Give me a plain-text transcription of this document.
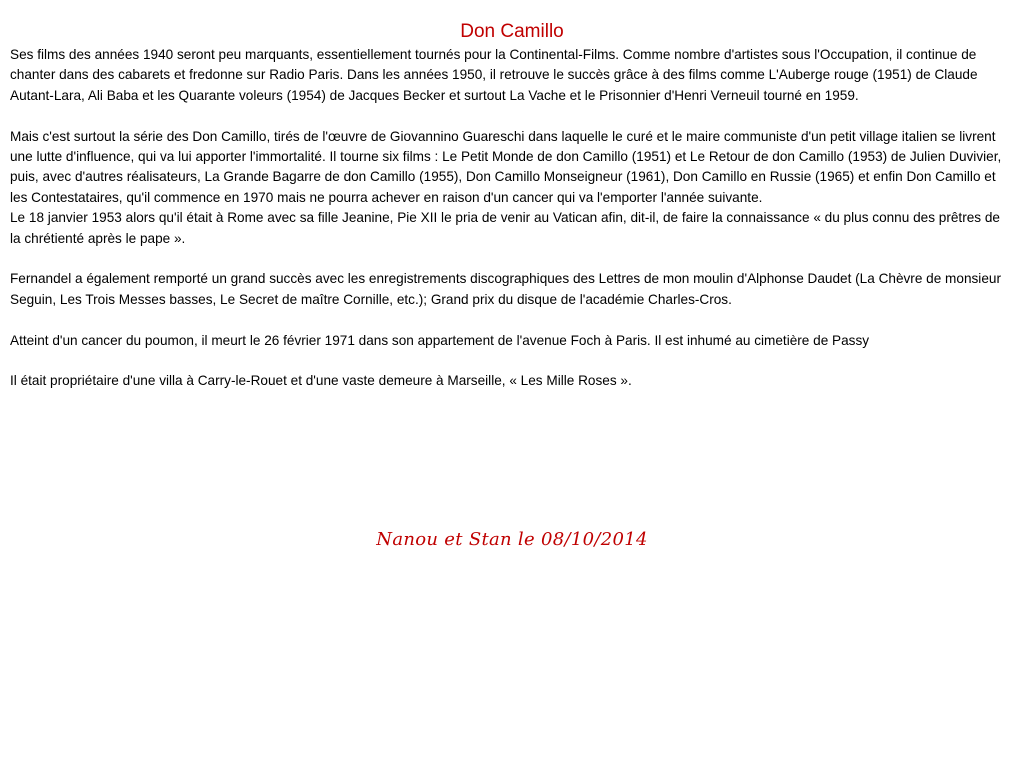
Don Camillo

Ses films des années 1940 seront peu marquants, essentiellement tournés pour la Continental-Films. Comme nombre d'artistes sous l'Occupation, il continue de chanter dans des cabarets et fredonne sur Radio Paris. Dans les années 1950, il retrouve le succès grâce à des films comme L'Auberge rouge (1951) de Claude Autant-Lara, Ali Baba et les Quarante voleurs (1954) de Jacques Becker et surtout La Vache et le Prisonnier d'Henri Verneuil tourné en 1959.

Mais c'est surtout la série des Don Camillo, tirés de l'œuvre de Giovannino Guareschi dans laquelle le curé et le maire communiste d'un petit village italien se livrent une lutte d'influence, qui va lui apporter l'immortalité. Il tourne six films : Le Petit Monde de don Camillo (1951) et Le Retour de don Camillo (1953) de Julien Duvivier, puis, avec d'autres réalisateurs, La Grande Bagarre de don Camillo (1955), Don Camillo Monseigneur (1961), Don Camillo en Russie (1965) et enfin Don Camillo et les Contestataires, qu'il commence en 1970 mais ne pourra achever en raison d'un cancer qui va l'emporter l'année suivante.

Le 18 janvier 1953 alors qu'il était à Rome avec sa fille Jeanine, Pie XII le pria de venir au Vatican afin, dit-il, de faire la connaissance « du plus connu des prêtres de la chrétienté après le pape ».

Fernandel a également remporté un grand succès avec les enregistrements discographiques des Lettres de mon moulin d'Alphonse Daudet (La Chèvre de monsieur Seguin, Les Trois Messes basses, Le Secret de maître Cornille, etc.); Grand prix du disque de l'académie Charles-Cros.

Atteint d'un cancer du poumon, il meurt le 26 février 1971 dans son appartement de l'avenue Foch à Paris. Il est inhumé au cimetière de Passy

Il était propriétaire d'une villa à Carry-le-Rouet et d'une vaste demeure à Marseille, « Les Mille Roses ».

Nanou et Stan le 08/10/2014
